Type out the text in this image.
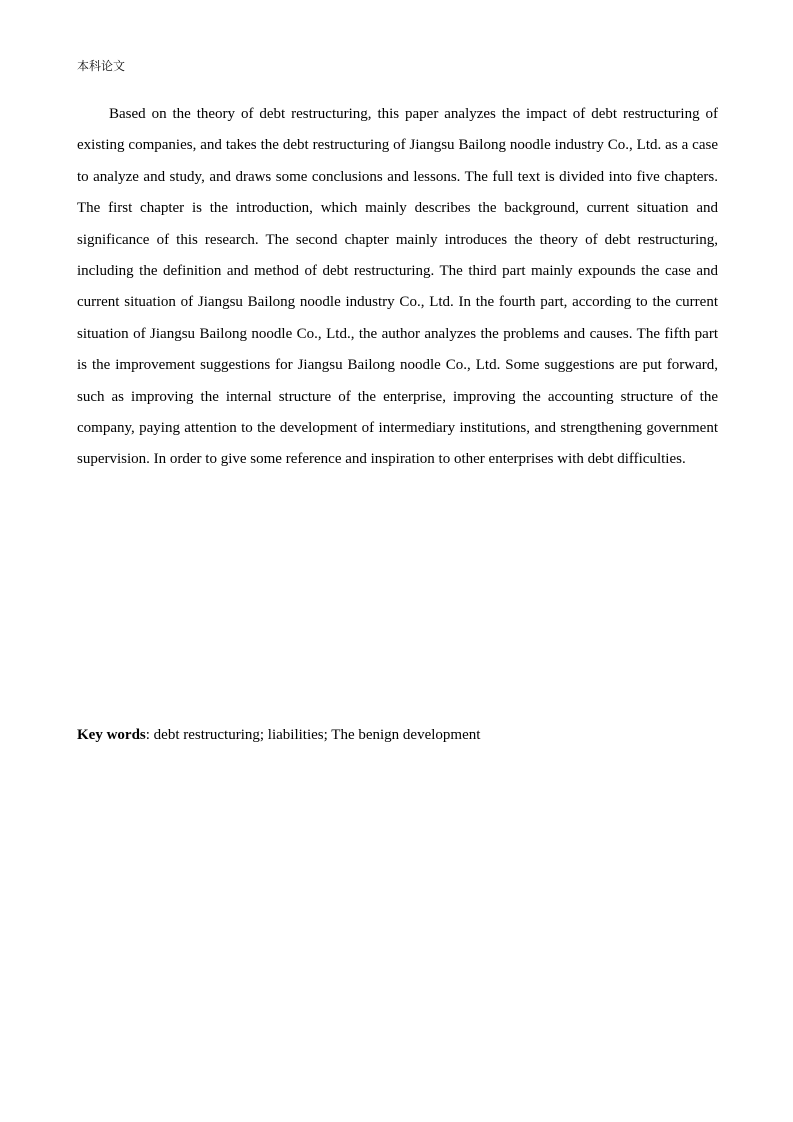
本科论文

Based on the theory of debt restructuring, this paper analyzes the impact of debt restructuring of existing companies, and takes the debt restructuring of Jiangsu Bailong noodle industry Co., Ltd. as a case to analyze and study, and draws some conclusions and lessons. The full text is divided into five chapters. The first chapter is the introduction, which mainly describes the background, current situation and significance of this research. The second chapter mainly introduces the theory of debt restructuring, including the definition and method of debt restructuring. The third part mainly expounds the case and current situation of Jiangsu Bailong noodle industry Co., Ltd. In the fourth part, according to the current situation of Jiangsu Bailong noodle Co., Ltd., the author analyzes the problems and causes. The fifth part is the improvement suggestions for Jiangsu Bailong noodle Co., Ltd. Some suggestions are put forward, such as improving the internal structure of the enterprise, improving the accounting structure of the company, paying attention to the development of intermediary institutions, and strengthening government supervision. In order to give some reference and inspiration to other enterprises with debt difficulties.

Key words: debt restructuring; liabilities; The benign development
